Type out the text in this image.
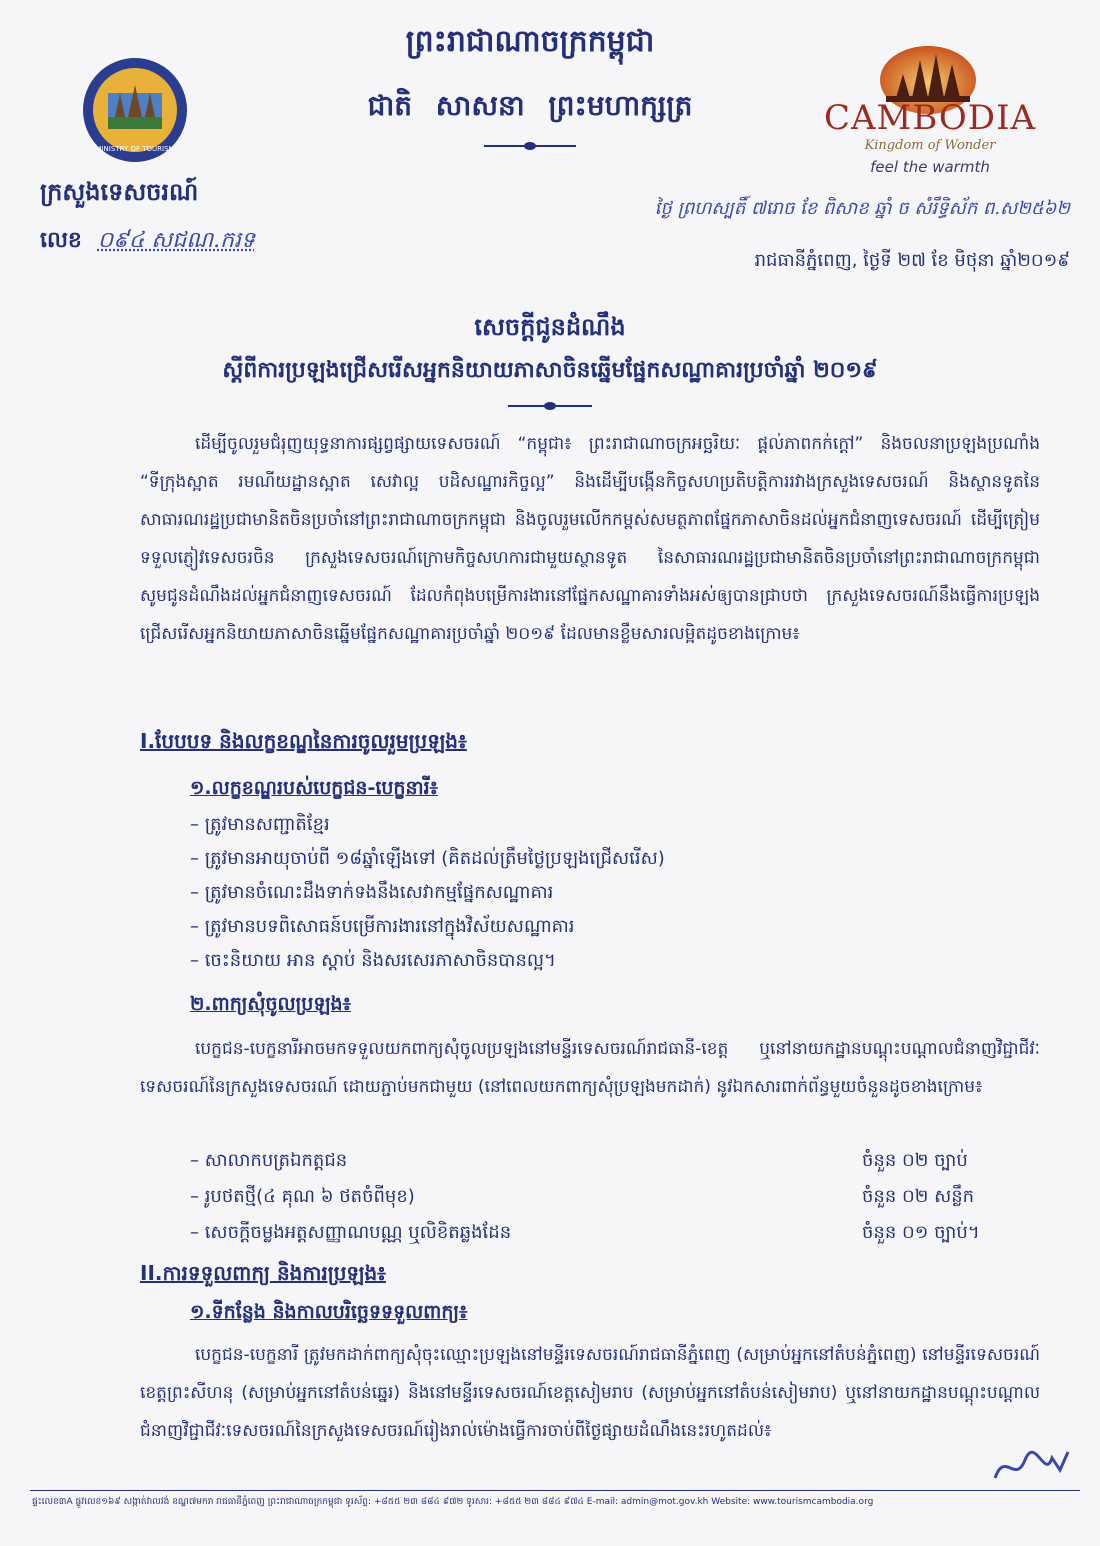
MINISTRY OF TOURISM
CAMBODIA
Kingdom of Wonder
feel the warmth
ព្រះរាជាណាចក្រកម្ពុជា
ជាតិ សាសនា ព្រះមហាក្សត្រ
ក្រសួងទេសចរណ៍
លេខ ០៩៤ សជណ.ករទ
ថ្ងៃ ព្រហស្បតិ៍ ៧រោច ខែ ពិសាខ ឆ្នាំ ច សំរឹទ្ធិស័ក ព.ស២៥៦២
រាជធានីភ្នំពេញ, ថ្ងៃទី ២៧ ខែ មិថុនា ឆ្នាំ២០១៩
សេចក្តីជូនដំណឹង
ស្តីពីការប្រឡងជ្រើសរើសអ្នកនិយាយភាសាចិនឆ្នើមផ្នែកសណ្ឋាគារប្រចាំឆ្នាំ ២០១៩
ដើម្បីចូលរួមជំរុញយុទ្ធនាការផ្សព្វផ្សាយទេសចរណ៍ “កម្ពុជា៖ ព្រះរាជាណាចក្រអច្ឆរិយៈ ផ្តល់ភាពកក់ក្តៅ” និងចលនាប្រឡងប្រណាំង “ទីក្រុងស្អាត រមណីយដ្ឋានស្អាត សេវាល្អ បដិសណ្ឋារកិច្ចល្អ” និងដើម្បីបង្កើនកិច្ចសហប្រតិបត្តិការរវាងក្រសួងទេសចរណ៍ និងស្ថានទូតនៃសាធារណរដ្ឋប្រជាមានិតចិនប្រចាំនៅព្រះរាជាណាចក្រកម្ពុជា និងចូលរួមលើកកម្ពស់សមត្ថភាពផ្នែកភាសាចិនដល់អ្នកជំនាញទេសចរណ៍ ដើម្បីត្រៀមទទួលភ្ញៀវទេសចរចិន ក្រសួងទេសចរណ៍ក្រោមកិច្ចសហការជាមួយស្ថានទូត នៃសាធារណរដ្ឋប្រជាមានិតចិនប្រចាំនៅព្រះរាជាណាចក្រកម្ពុជា សូមជូនដំណឹងដល់អ្នកជំនាញទេសចរណ៍ ដែលកំពុងបម្រើការងារនៅផ្នែកសណ្ឋាគារទាំងអស់ឲ្យបានជ្រាបថា ក្រសួងទេសចរណ៍នឹងធ្វើការប្រឡងជ្រើសរើសអ្នកនិយាយភាសាចិនឆ្នើមផ្នែកសណ្ឋាគារប្រចាំឆ្នាំ ២០១៩ ដែលមានខ្លឹមសារលម្អិតដូចខាងក្រោម៖
I.បែបបទ និងលក្ខខណ្ឌនៃការចូលរួមប្រឡង៖
១.លក្ខខណ្ឌរបស់បេក្ខជន-បេក្ខនារី៖
– ត្រូវមានសញ្ជាតិខ្មែរ
– ត្រូវមានអាយុចាប់ពី ១៨ឆ្នាំឡើងទៅ (គិតដល់ត្រឹមថ្ងៃប្រឡងជ្រើសរើស)
– ត្រូវមានចំណេះដឹងទាក់ទងនឹងសេវាកម្មផ្នែកសណ្ឋាគារ
– ត្រូវមានបទពិសោធន៍បម្រើការងារនៅក្នុងវិស័យសណ្ឋាគារ
– ចេះនិយាយ អាន ស្តាប់ និងសរសេរភាសាចិនបានល្អ។
២.ពាក្យសុំចូលប្រឡង៖
បេក្ខជន-បេក្ខនារីអាចមកទទួលយកពាក្យសុំចូលប្រឡងនៅមន្ទីរទេសចរណ៍រាជធានី-ខេត្ត ឬនៅនាយកដ្ឋានបណ្តុះបណ្តាលជំនាញវិជ្ជាជីវៈទេសចរណ៍នៃក្រសួងទេសចរណ៍ ដោយភ្ជាប់មកជាមួយ (នៅពេលយកពាក្យសុំប្រឡងមកដាក់) នូវឯកសារពាក់ព័ន្ធមួយចំនួនដូចខាងក្រោម៖
– សាលាកបត្រឯកត្តជន	ចំនួន ០២ ច្បាប់
– រូបថតថ្មី(៤ គុណ ៦ ថតចំពីមុខ)	ចំនួន ០២ សន្លឹក
– សេចក្តីចម្លងអត្តសញ្ញាណបណ្ណ ឬលិខិតឆ្លងដែន	ចំនួន ០១ ច្បាប់។
II.ការទទួលពាក្យ និងការប្រឡង៖
១.ទីកន្លែង និងកាលបរិច្ឆេទទទួលពាក្យ៖
បេក្ខជន-បេក្ខនារី ត្រូវមកដាក់ពាក្យសុំចុះឈ្មោះប្រឡងនៅមន្ទីរទេសចរណ៍រាជធានីភ្នំពេញ (សម្រាប់អ្នកនៅតំបន់ភ្នំពេញ) នៅមន្ទីរទេសចរណ៍ខេត្តព្រះសីហនុ (សម្រាប់អ្នកនៅតំបន់ឆ្នេរ) និងនៅមន្ទីរទេសចរណ៍ខេត្តសៀមរាប (សម្រាប់អ្នកនៅតំបន់សៀមរាប) ឬនៅនាយកដ្ឋានបណ្តុះបណ្តាលជំនាញវិជ្ជាជីវៈទេសចរណ៍នៃក្រសួងទេសចរណ៍រៀងរាល់ម៉ោងធ្វើការចាប់ពីថ្ងៃផ្សាយដំណឹងនេះរហូតដល់៖
ផ្ទះលេខ៣A ផ្លូវលេខ១៦៩ សង្កាត់វាលវង់ ខណ្ឌ៧មករា រាជធានីភ្នំពេញ ព្រះរាជាណាចក្រកម្ពុជា ទូរស័ព្ទ: +៨៥៥ ២៣ ៨៨៤ ៩៧២ ទូរសារ: +៨៥៥ ២៣ ៨៨៤ ៩៧៤ E-mail: admin@mot.gov.kh Website: www.tourismcambodia.org
